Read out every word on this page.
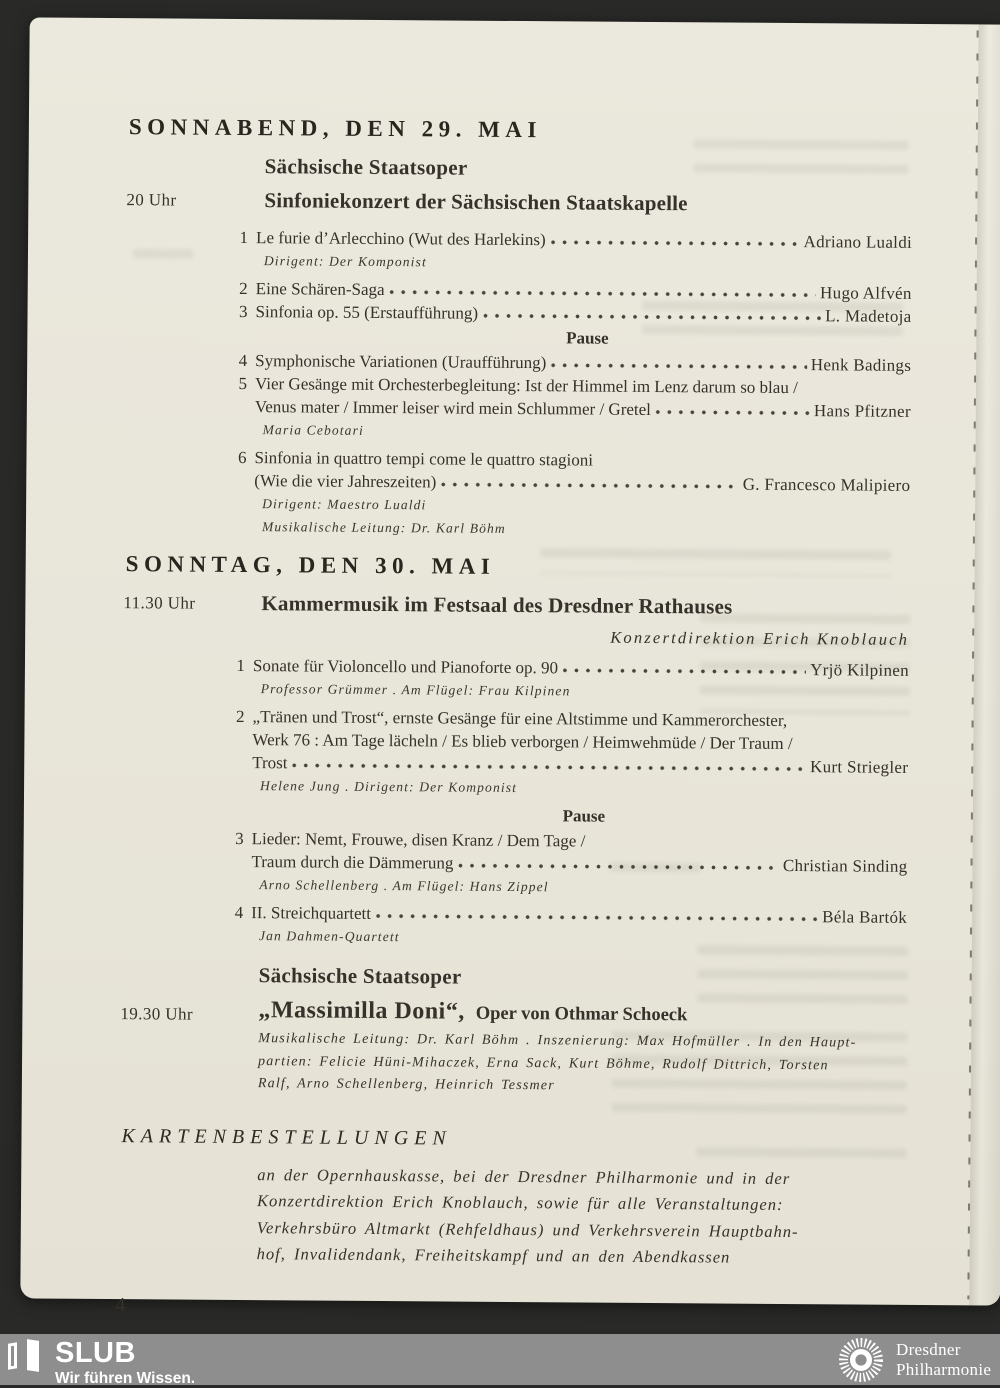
SONNABEND, DEN 29. MAI
Sächsische Staatsoper
20 Uhr	Sinfoniekonzert der Sächsischen Staatskapelle
1 Le furie d’Arlecchino (Wut des Harlekins)	Adriano Lualdi
Dirigent: Der Komponist
2 Eine Schären-Saga	Hugo Alfvén
3 Sinfonia op. 55 (Erstaufführung)	L. Madetoja
Pause
4 Symphonische Variationen (Uraufführung)	Henk Badings
5 Vier Gesänge mit Orchesterbegleitung: Ist der Himmel im Lenz darum so blau /
Venus mater / Immer leiser wird mein Schlummer / Gretel	Hans Pfitzner
Maria Cebotari
6 Sinfonia in quattro tempi come le quattro stagioni
(Wie die vier Jahreszeiten)	G. Francesco Malipiero
Dirigent: Maestro Lualdi
Musikalische Leitung: Dr. Karl Böhm
SONNTAG, DEN 30. MAI
11.30 Uhr	Kammermusik im Festsaal des Dresdner Rathauses
Konzertdirektion Erich Knoblauch
1 Sonate für Violoncello und Pianoforte op. 90	Yrjö Kilpinen
Professor Grümmer . Am Flügel: Frau Kilpinen
2 „Tränen und Trost“, ernste Gesänge für eine Altstimme und Kammerorchester,
Werk 76 : Am Tage lächeln / Es blieb verborgen / Heimwehmüde / Der Traum /
Trost	Kurt Striegler
Helene Jung . Dirigent: Der Komponist
Pause
3 Lieder: Nemt, Frouwe, disen Kranz / Dem Tage /
Traum durch die Dämmerung	Christian Sinding
Arno Schellenberg . Am Flügel: Hans Zippel
4 II. Streichquartett	Béla Bartók
Jan Dahmen-Quartett
Sächsische Staatsoper
19.30 Uhr	„Massimilla Doni“, Oper von Othmar Schoeck
Musikalische Leitung: Dr. Karl Böhm . Inszenierung: Max Hofmüller . In den Haupt-
partien: Felicie Hüni-Mihaczek, Erna Sack, Kurt Böhme, Rudolf Dittrich, Torsten
Ralf, Arno Schellenberg, Heinrich Tessmer
KARTENBESTELLUNGEN
an der Opernhauskasse, bei der Dresdner Philharmonie und in der
Konzertdirektion Erich Knoblauch, sowie für alle Veranstaltungen:
Verkehrsbüro Altmarkt (Rehfeldhaus) und Verkehrsverein Hauptbahn-
hof, Invalidendank, Freiheitskampf und an den Abendkassen
4
SLUB
Wir führen Wissen.
Dresdner
Philharmonie
